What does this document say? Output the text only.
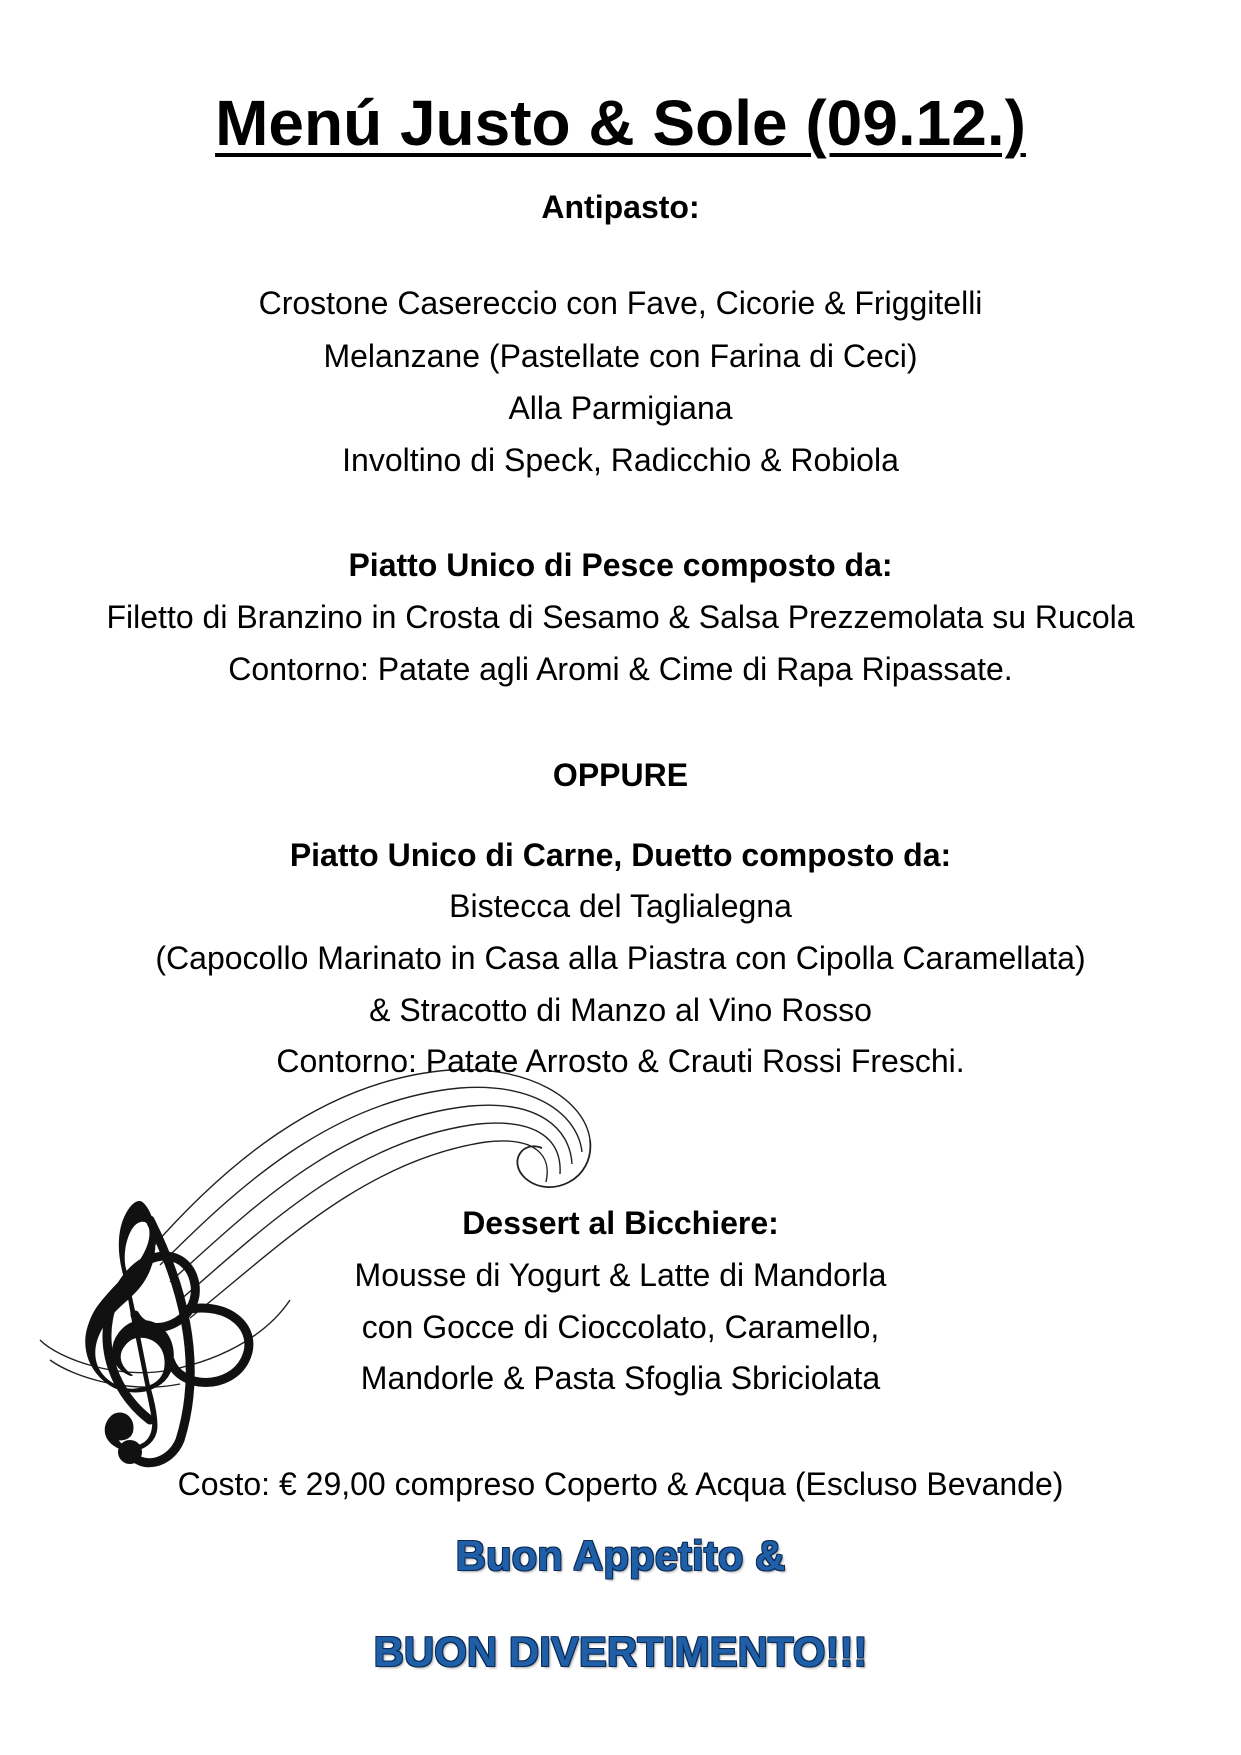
𝄞
Menú Justo & Sole (09.12.)
Antipasto:
Crostone Casereccio con Fave, Cicorie & Friggitelli
Melanzane (Pastellate con Farina di Ceci)
Alla Parmigiana
Involtino di Speck, Radicchio & Robiola
Piatto Unico di Pesce composto da:
Filetto di Branzino in Crosta di Sesamo & Salsa Prezzemolata su Rucola
Contorno: Patate agli Aromi & Cime di Rapa Ripassate.
OPPURE
Piatto Unico di Carne, Duetto composto da:
Bistecca del Taglialegna
(Capocollo Marinato in Casa alla Piastra con Cipolla Caramellata)
& Stracotto di Manzo al Vino Rosso
Contorno: Patate Arrosto & Crauti Rossi Freschi.
Dessert al Bicchiere:
Mousse di Yogurt & Latte di Mandorla
con Gocce di Cioccolato, Caramello,
Mandorle & Pasta Sfoglia Sbriciolata
Costo: € 29,00 compreso Coperto & Acqua (Escluso Bevande)
Buon Appetito &
BUON DIVERTIMENTO!!!
